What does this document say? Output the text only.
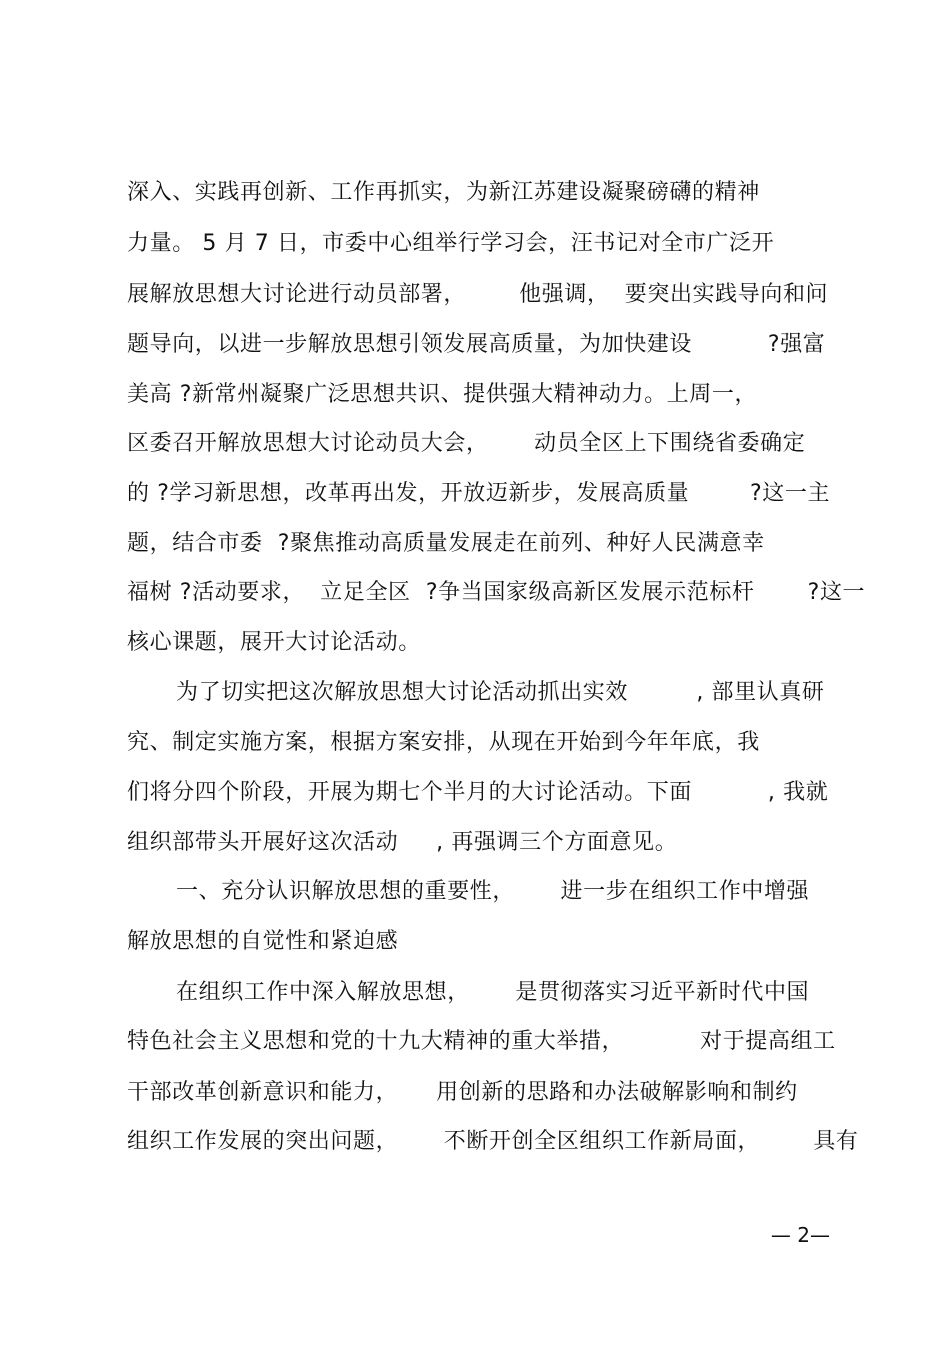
深入、实践再创新、工作再抓实，为新江苏建设凝聚磅礴的精神
力量。 5 月 7 日，市委中心组举行学习会，汪书记对全市广泛开
展解放思想大讨论进行动员部署，       他强调，  要突出实践导向和问
题导向，以进一步解放思想引领发展高质量，为加快建设          ?强富
美高 ?新常州凝聚广泛思想共识、提供强大精神动力。上周一，
区委召开解放思想大讨论动员大会，      动员全区上下围绕省委确定
的 ?学习新思想，改革再出发，开放迈新步，发展高质量        ?这一主
题，结合市委  ?聚焦推动高质量发展走在前列、种好人民满意幸
福树 ?活动要求，  立足全区  ?争当国家级高新区发展示范标杆       ?这一
核心课题，展开大讨论活动。
为了切实把这次解放思想大讨论活动抓出实效         , 部里认真研
究、制定实施方案，根据方案安排，从现在开始到今年年底，我
们将分四个阶段，开展为期七个半月的大讨论活动。下面          , 我就
组织部带头开展好这次活动     , 再强调三个方面意见。
一、充分认识解放思想的重要性，      进一步在组织工作中增强
解放思想的自觉性和紧迫感
在组织工作中深入解放思想，      是贯彻落实习近平新时代中国
特色社会主义思想和党的十九大精神的重大举措，          对于提高组工
干部改革创新意识和能力，     用创新的思路和办法破解影响和制约
组织工作发展的突出问题，      不断开创全区组织工作新局面，       具有
— 2—
